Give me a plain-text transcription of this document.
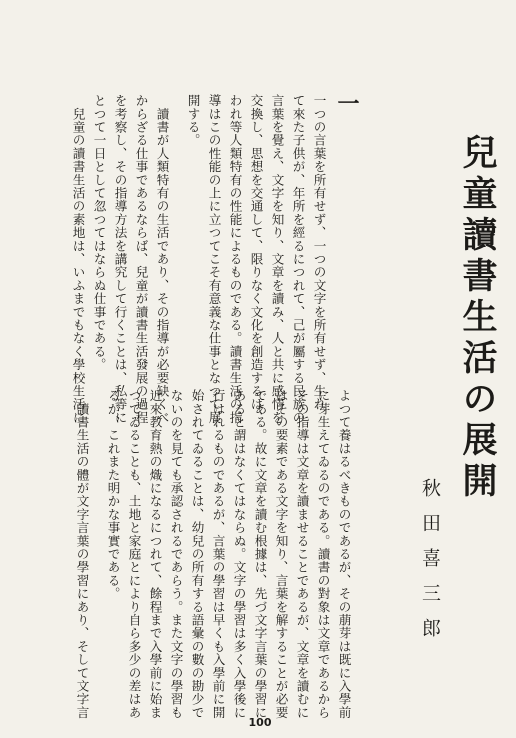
兒童讀書生活の展開
秋田喜三郎
一
一つの言葉を所有せず、一つの文字を所有せず、生れ
て來た子供が、年所を經るにつれて、己が屬する民族の
言葉を覺え、文字を知り、文章を讀み、人と共に感情を
交換し、思想を交通して、限りなく文化を創造するは、
われ等人類特有の性能によるものである。讀書生活の指
導はこの性能の上に立つてこそ有意義な仕事となつて展
開する。
　讀書が人類特有の生活であり、その指導が必要缺くべ
からざる仕事であるならば、兒童が讀書生活發展の過程
を考察し、その指導方法を講究して行くことは、私等に
とつて一日として忽つてはならぬ仕事である。
　兒童の讀書生活の素地は、いふまでもなく學校生活に
よつて養はるべきものであるが、その萠芽は既に入學前
に芽生えてゐるのである。讀書の對象は文章であるから
その指導は文章を讀ませることであるが、文章を讀むに
はその要素である文字を知り、言葉を解することが必要
である。故に文章を讀む根據は、先づ文字言葉の學習に
あると謂はなくてはならぬ。文字の學習は多く入學後に
行はれるものであるが、言葉の學習は早くも入學前に開
始されてゐることは、幼兒の所有する語彙の數の勘少で
ないのを見ても承認されるであらう。また文字の學習も
近來教育熱の熾になるにつれて、餘程まで入學前に始ま
つてゐることも、土地と家庭とにより自ら多少の差はあ
るが、これまた明かな事實である。
　讀書生活の體が文字言葉の學習にあり、そして文字言
100
